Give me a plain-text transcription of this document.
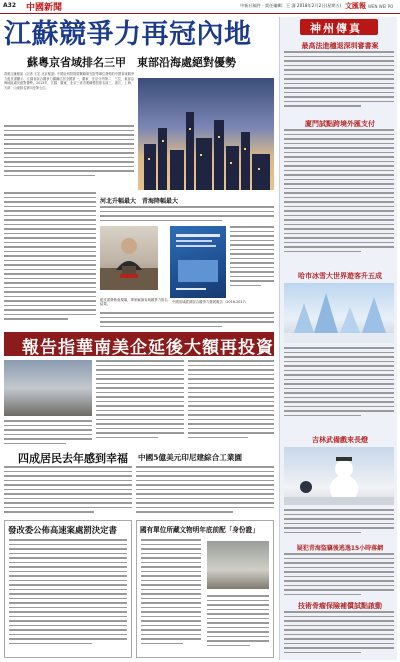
A32 中國新聞	中新社稿件 · 責任編輯：王 濤 2018年2月2日(星期五) 文匯報 WEN WEI PO
江蘇競爭力再冠內地
蘇粵京省域排名三甲　東部沿海處絕對優勢
香港文匯報訊（記者 王宏 北京報道）中國社科院財經戰略研究院等單位發佈的中國省域競爭力藍皮書顯示，江蘇省綜合競爭力繼續位居全國第一，廣東、北京分列第二、三位，東部沿海地區處於絕對優勢。2013年、江蘇、廣東、北京三省市連續穩居排名前三，浙江、上海、天津、山東排名第四至第七位。
河北升幅最大　青海降幅最大
藍皮書發佈會現場，專家解讀省域競爭力排名結果。
中國省域經濟綜合競爭力發展報告（2016-2017）
報告指華南美企延後大額再投資
四成居民去年感到幸福 中國5億美元印尼建綜合工業園
發改委公佈高速案處罰決定書	國有單位所藏文物明年底前配「身份證」
神州傳真
最高法進穗退深圳審書案
廈門試點跨境外匯支付
哈市冰雪大世界遊客升五成
吉林武備戲來長燈
疑犯青海盜竊後逃逸15小時落網
技術骨瘤保險補償試點啟動
